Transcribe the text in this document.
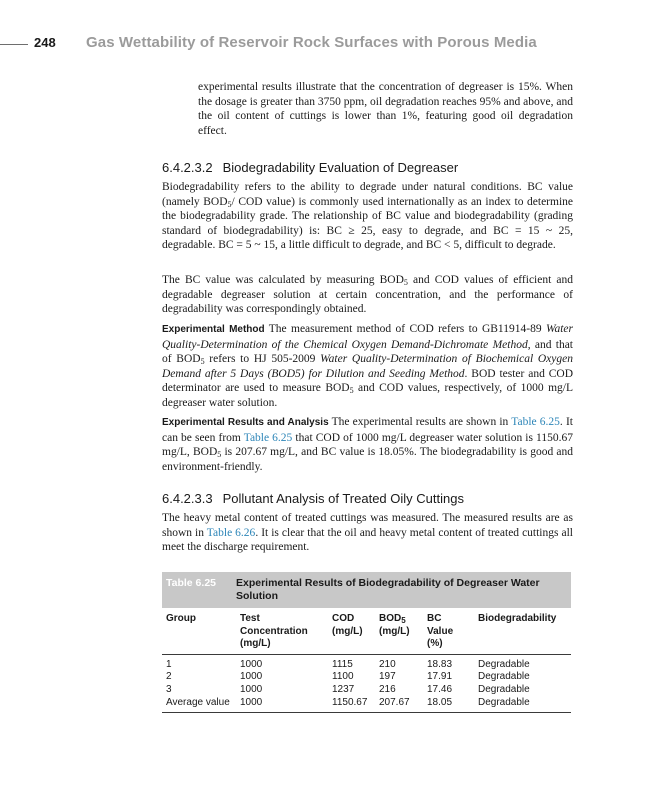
248 Gas Wettability of Reservoir Rock Surfaces with Porous Media

experimental results illustrate that the concentration of degreaser is 15%. When the dosage is greater than 3750 ppm, oil degradation reaches 95% and above, and the oil content of cuttings is lower than 1%, featuring good oil degradation effect.

6.4.2.3.2 Biodegradability Evaluation of Degreaser

Biodegradability refers to the ability to degrade under natural conditions. BC value (namely $BOD_5/$ COD value) is commonly used internationally as an index to determine the biodegradability grade. The relationship of BC value and biodegradability (grading standard of biodegradability) is: BC ≥ 25, easy to degrade, and BC = 15 ~ 25, degradable. BC = 5 ~ 15, a little difficult to degrade, and BC < 5, difficult to degrade.

The BC value was calculated by measuring $BOD_5$ and COD values of efficient and degradable degreaser solution at certain concentration, and the performance of degradability was correspondingly obtained.

Experimental Method The measurement method of COD refers to GB11914-89 Water Quality-Determination of the Chemical Oxygen Demand-Dichromate Method, and that of $BOD_5$ refers to HJ 505-2009 Water Quality-Determination of Biochemical Oxygen Demand after 5 Days (BOD5) for Dilution and Seeding Method. BOD tester and COD determinator are used to measure $BOD_5$ and COD values, respectively, of 1000 mg/L degreaser water solution.

Experimental Results and Analysis The experimental results are shown in Table 6.25. It can be seen from Table 6.25 that COD of 1000 mg/L degreaser water solution is 1150.67 mg/L, $BOD_5$ is 207.67 mg/L, and BC value is 18.05%. The biodegradability is good and environment-friendly.

6.4.2.3.3 Pollutant Analysis of Treated Oily Cuttings

The heavy metal content of treated cuttings was measured. The measured results are as shown in Table 6.26. It is clear that the oil and heavy metal content of treated cuttings all meet the discharge requirement.

Table 6.25 Experimental Results of Biodegradability of Degreaser Water Solution
Group	Test Concentration (mg/L)	COD (mg/L)	$BOD_5$ (mg/L)	BC Value (%)	Biodegradability
1	1000	1115	210	18.83	Degradable
2	1000	1100	197	17.91	Degradable
3	1000	1237	216	17.46	Degradable
Average value	1000	1150.67	207.67	18.05	Degradable
